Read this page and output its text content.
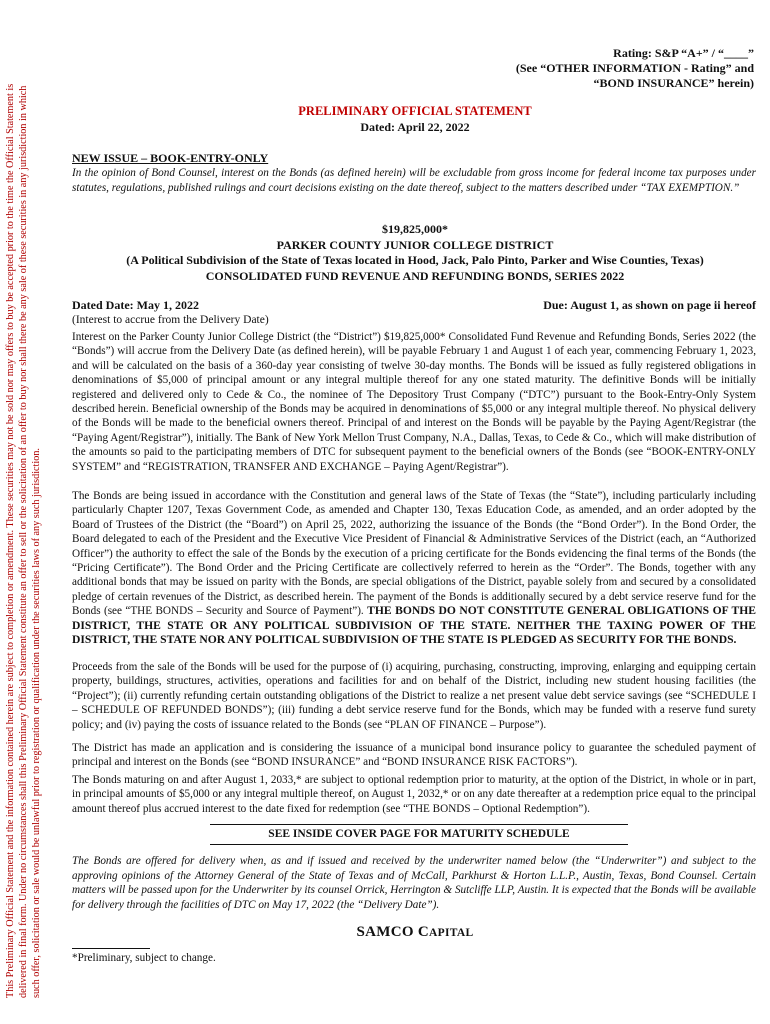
This Preliminary Official Statement and the information contained herein are subject to completion or amendment. These securities may not be sold nor may offers to buy be accepted prior to the time the Official Statement is delivered in final form. Under no circumstances shall this Preliminary Official Statement constitute an offer to sell or the solicitation of an offer to buy nor shall there be any sale of these securities in any jurisdiction in which such offer, solicitation or sale would be unlawful prior to registration or qualification under the securities laws of any such jurisdiction.
Rating: S&P “A+” / “____”
(See “OTHER INFORMATION - Rating” and
“BOND INSURANCE” herein)
PRELIMINARY OFFICIAL STATEMENT
Dated: April 22, 2022
NEW ISSUE – BOOK-ENTRY-ONLY
In the opinion of Bond Counsel, interest on the Bonds (as defined herein) will be excludable from gross income for federal income tax purposes under statutes, regulations, published rulings and court decisions existing on the date thereof, subject to the matters described under “TAX EXEMPTION.”
$19,825,000*
PARKER COUNTY JUNIOR COLLEGE DISTRICT
(A Political Subdivision of the State of Texas located in Hood, Jack, Palo Pinto, Parker and Wise Counties, Texas)
CONSOLIDATED FUND REVENUE AND REFUNDING BONDS, SERIES 2022
Dated Date: May 1, 2022	Due: August 1, as shown on page ii hereof
(Interest to accrue from the Delivery Date)
Interest on the Parker County Junior College District (the “District”) $19,825,000* Consolidated Fund Revenue and Refunding Bonds, Series 2022 (the “Bonds”) will accrue from the Delivery Date (as defined herein), will be payable February 1 and August 1 of each year, commencing February 1, 2023, and will be calculated on the basis of a 360-day year consisting of twelve 30-day months. The Bonds will be issued as fully registered obligations in denominations of $5,000 of principal amount or any integral multiple thereof for any one stated maturity. The definitive Bonds will be initially registered and delivered only to Cede & Co., the nominee of The Depository Trust Company (“DTC”) pursuant to the Book-Entry-Only System described herein. Beneficial ownership of the Bonds may be acquired in denominations of $5,000 or any integral multiple thereof. No physical delivery of the Bonds will be made to the beneficial owners thereof. Principal of and interest on the Bonds will be payable by the Paying Agent/Registrar (the “Paying Agent/Registrar”), initially. The Bank of New York Mellon Trust Company, N.A., Dallas, Texas, to Cede & Co., which will make distribution of the amounts so paid to the participating members of DTC for subsequent payment to the beneficial owners of the Bonds (see “BOOK-ENTRY-ONLY SYSTEM” and “REGISTRATION, TRANSFER AND EXCHANGE – Paying Agent/Registrar”).
The Bonds are being issued in accordance with the Constitution and general laws of the State of Texas (the “State”), including particularly including particularly Chapter 1207, Texas Government Code, as amended and Chapter 130, Texas Education Code, as amended, and an order adopted by the Board of Trustees of the District (the “Board”) on April 25, 2022, authorizing the issuance of the Bonds (the “Bond Order”). In the Bond Order, the Board delegated to each of the President and the Executive Vice President of Financial & Administrative Services of the District (each, an “Authorized Officer”) the authority to effect the sale of the Bonds by the execution of a pricing certificate for the Bonds evidencing the final terms of the Bonds (the “Pricing Certificate”). The Bond Order and the Pricing Certificate are collectively referred to herein as the “Order”. The Bonds, together with any additional bonds that may be issued on parity with the Bonds, are special obligations of the District, payable solely from and secured by a consolidated pledge of certain revenues of the District, as described herein. The payment of the Bonds is additionally secured by a debt service reserve fund for the Bonds (see “THE BONDS – Security and Source of Payment”). THE BONDS DO NOT CONSTITUTE GENERAL OBLIGATIONS OF THE DISTRICT, THE STATE OR ANY POLITICAL SUBDIVISION OF THE STATE. NEITHER THE TAXING POWER OF THE DISTRICT, THE STATE NOR ANY POLITICAL SUBDIVISION OF THE STATE IS PLEDGED AS SECURITY FOR THE BONDS.
Proceeds from the sale of the Bonds will be used for the purpose of (i) acquiring, purchasing, constructing, improving, enlarging and equipping certain property, buildings, structures, activities, operations and facilities for and on behalf of the District, including new student housing facilities (the “Project”); (ii) currently refunding certain outstanding obligations of the District to realize a net present value debt service savings (see “SCHEDULE I – SCHEDULE OF REFUNDED BONDS”); (iii) funding a debt service reserve fund for the Bonds, which may be funded with a reserve fund surety policy; and (iv) paying the costs of issuance related to the Bonds (see “PLAN OF FINANCE – Purpose”).
The District has made an application and is considering the issuance of a municipal bond insurance policy to guarantee the scheduled payment of principal and interest on the Bonds (see “BOND INSURANCE” and “BOND INSURANCE RISK FACTORS”).
The Bonds maturing on and after August 1, 2033,* are subject to optional redemption prior to maturity, at the option of the District, in whole or in part, in principal amounts of $5,000 or any integral multiple thereof, on August 1, 2032,* or on any date thereafter at a redemption price equal to the principal amount thereof plus accrued interest to the date fixed for redemption (see “THE BONDS – Optional Redemption”).
SEE INSIDE COVER PAGE FOR MATURITY SCHEDULE
The Bonds are offered for delivery when, as and if issued and received by the underwriter named below (the “Underwriter”) and subject to the approving opinions of the Attorney General of the State of Texas and of McCall, Parkhurst & Horton L.L.P., Austin, Texas, Bond Counsel. Certain matters will be passed upon for the Underwriter by its counsel Orrick, Herrington & Sutcliffe LLP, Austin. It is expected that the Bonds will be available for delivery through the facilities of DTC on May 17, 2022 (the “Delivery Date”).
SAMCO CAPITAL
*Preliminary, subject to change.
